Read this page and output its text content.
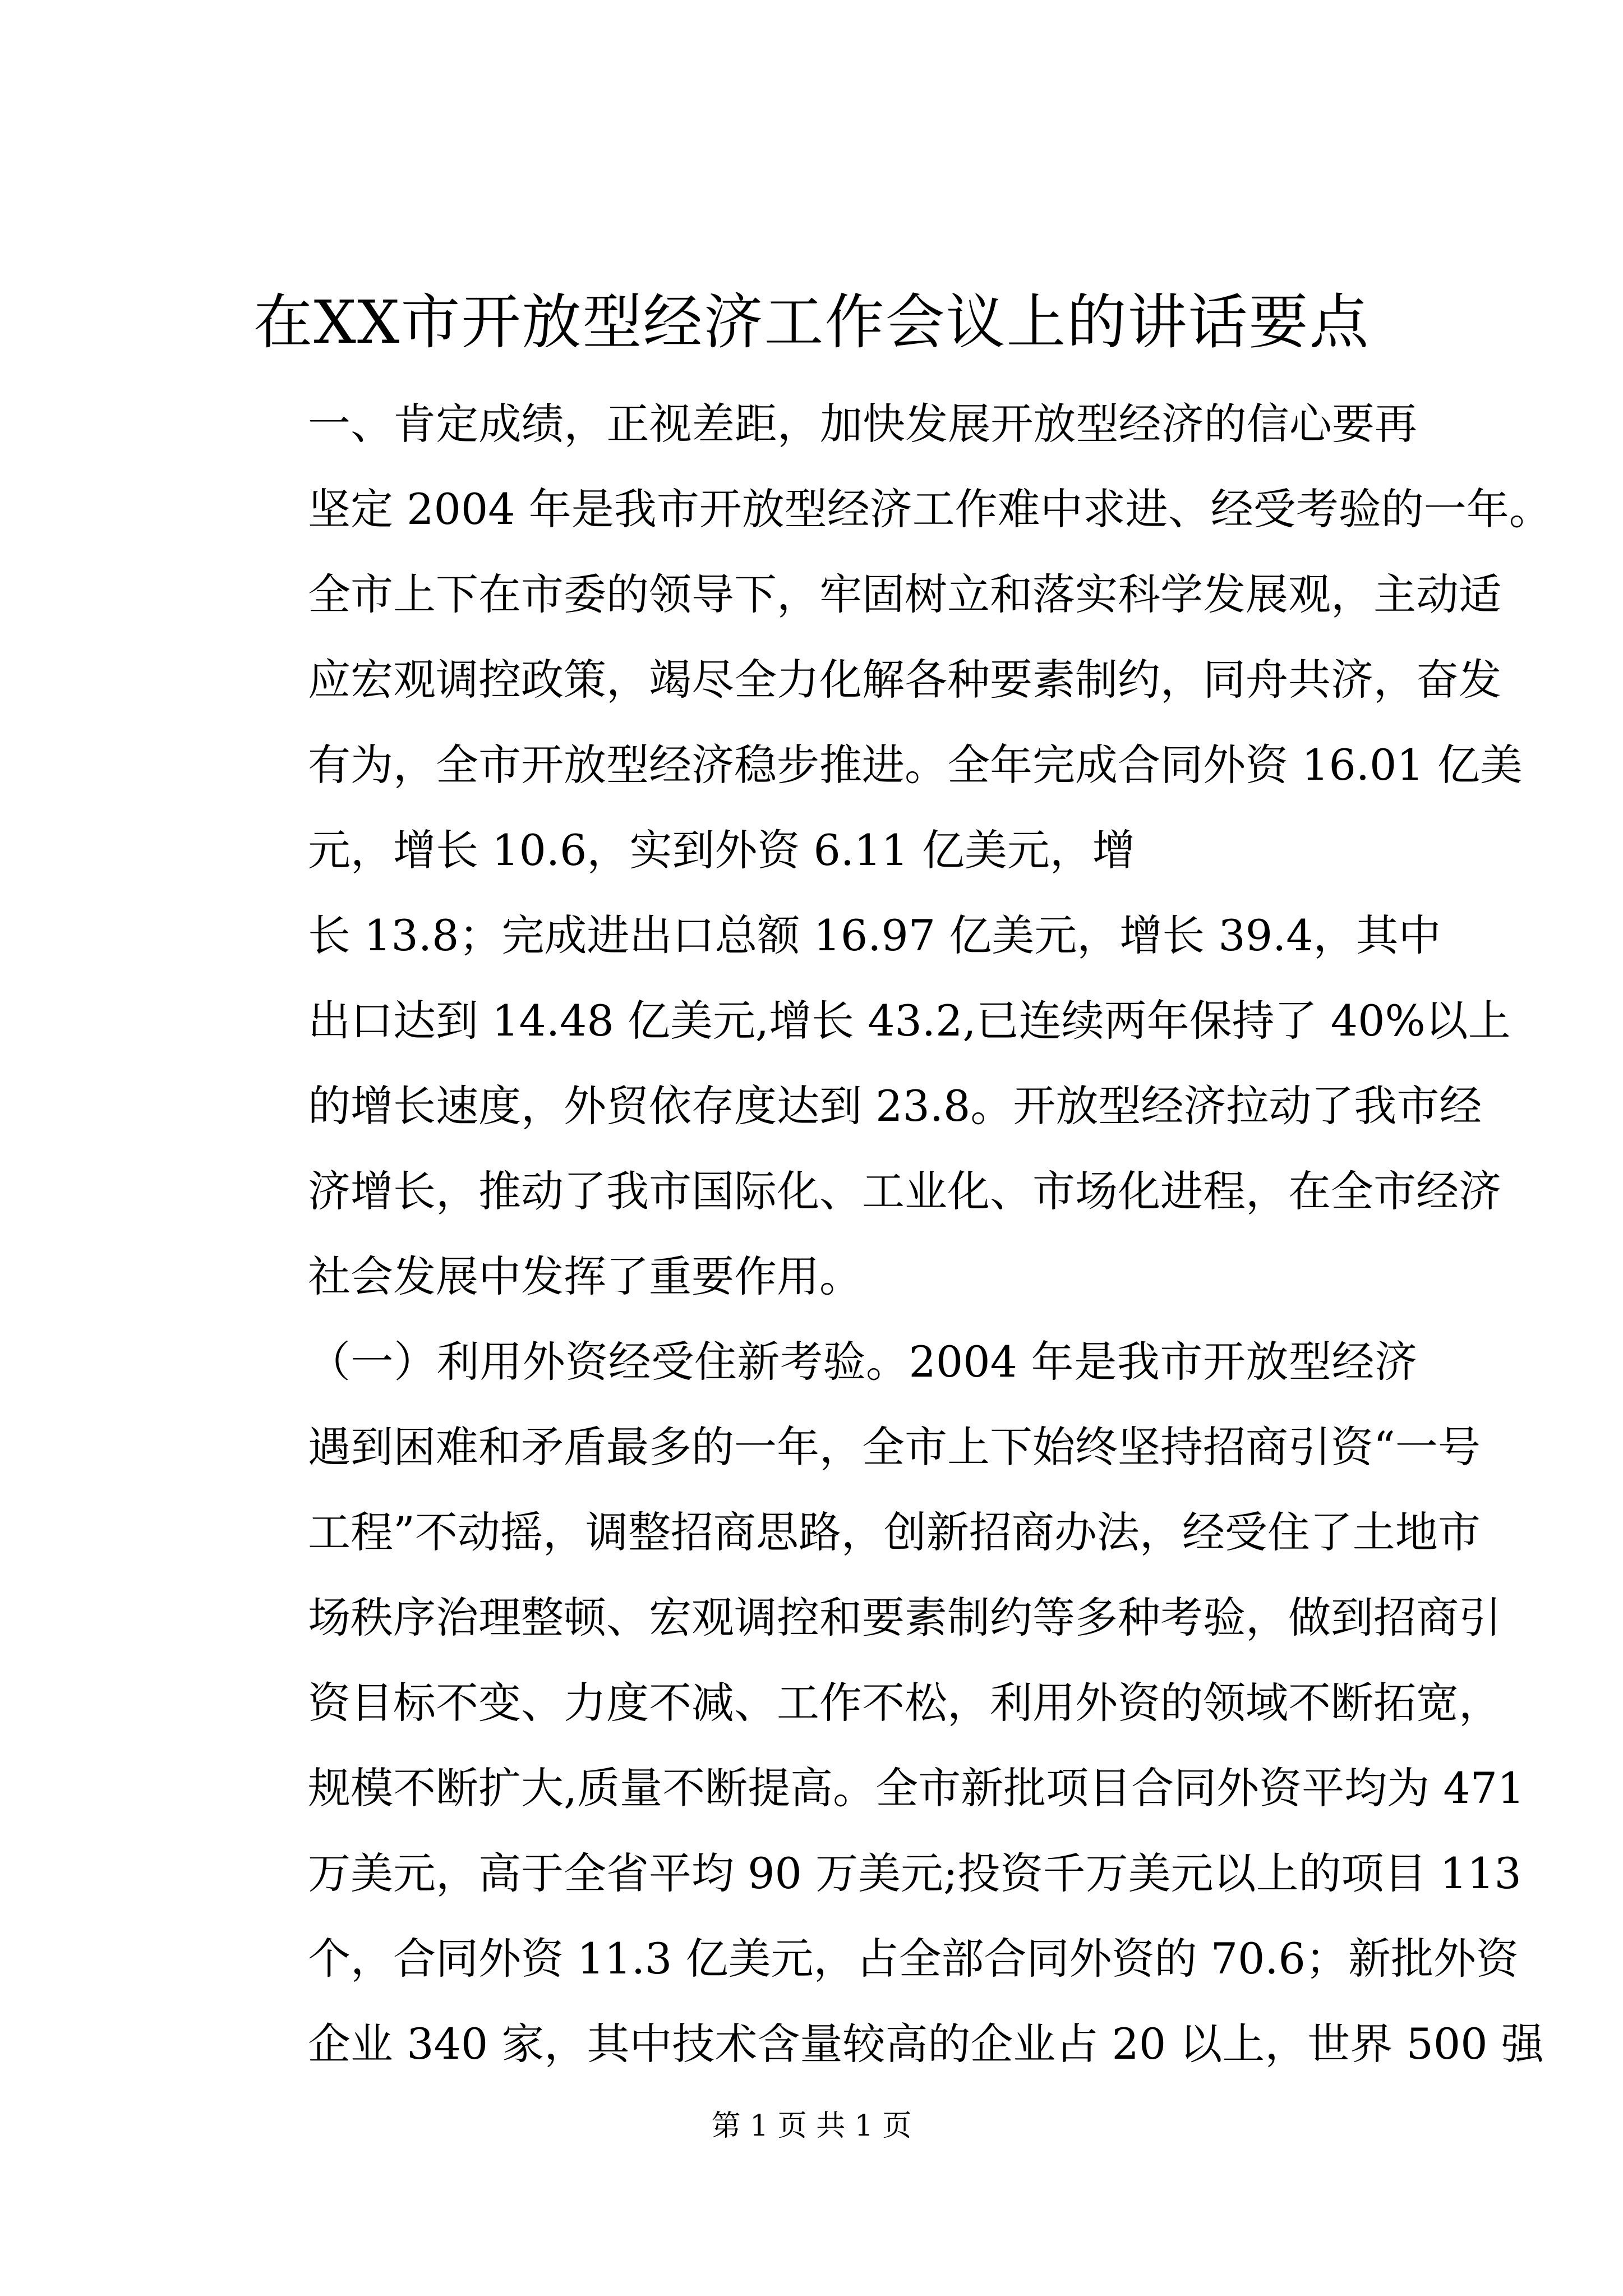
在XX市开放型经济工作会议上的讲话要点
一、肯定成绩，正视差距，加快发展开放型经济的信心要再
坚定 2004 年是我市开放型经济工作难中求进、经受考验的一年。
全市上下在市委的领导下，牢固树立和落实科学发展观，主动适
应宏观调控政策，竭尽全力化解各种要素制约，同舟共济，奋发
有为，全市开放型经济稳步推进。全年完成合同外资 16.01 亿美
元，增长 10.6，实到外资 6.11 亿美元，增
长 13.8；完成进出口总额 16.97 亿美元，增长 39.4，其中
出口达到 14.48 亿美元,增长 43.2,已连续两年保持了 40%以上
的增长速度，外贸依存度达到 23.8。开放型经济拉动了我市经
济增长，推动了我市国际化、工业化、市场化进程，在全市经济
社会发展中发挥了重要作用。
（一）利用外资经受住新考验。2004 年是我市开放型经济
遇到困难和矛盾最多的一年，全市上下始终坚持招商引资“一号
工程”不动摇，调整招商思路，创新招商办法，经受住了土地市
场秩序治理整顿、宏观调控和要素制约等多种考验，做到招商引
资目标不变、力度不减、工作不松，利用外资的领域不断拓宽，
规模不断扩大,质量不断提高。全市新批项目合同外资平均为 471
万美元，高于全省平均 90 万美元;投资千万美元以上的项目 113
个，合同外资 11.3 亿美元，占全部合同外资的 70.6；新批外资
企业 340 家，其中技术含量较高的企业占 20 以上，世界 500 强
第 1 页 共 1 页
